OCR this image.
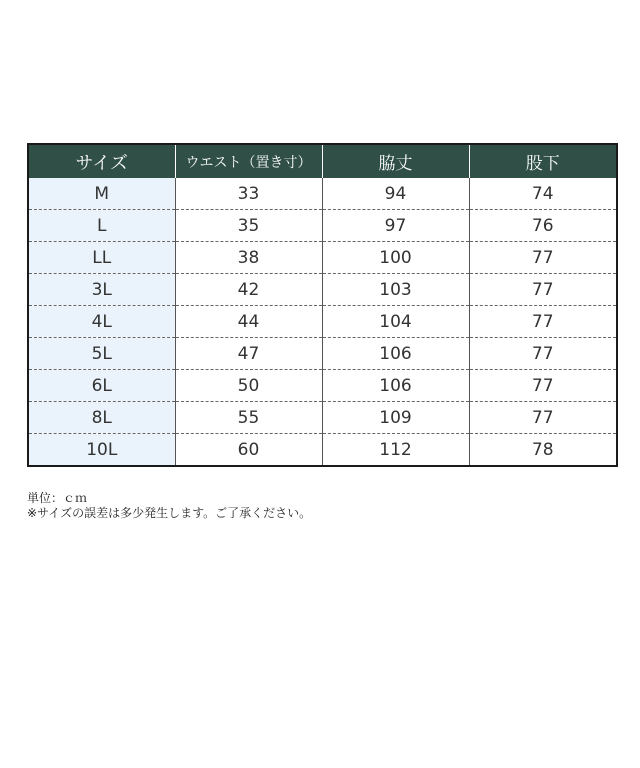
サイズ	ウエスト（置き寸）	脇丈	股下
M	33	94	74
L	35	97	76
LL	38	100	77
3L	42	103	77
4L	44	104	77
5L	47	106	77
6L	50	106	77
8L	55	109	77
10L	60	112	78
単位：ｃｍ
※サイズの誤差は多少発生します。ご了承ください。
